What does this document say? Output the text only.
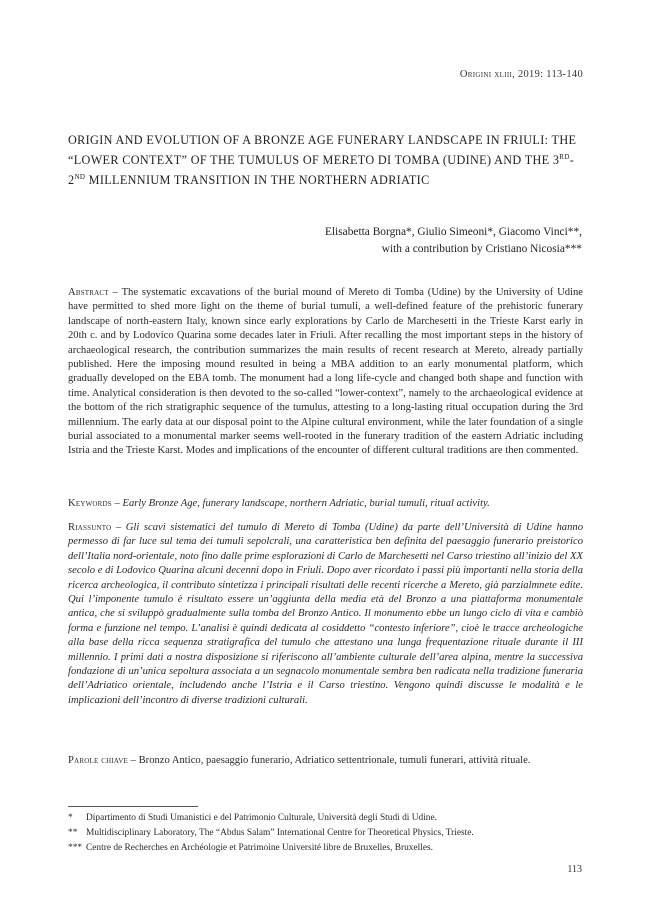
Origini xliii, 2019: 113-140
ORIGIN AND EVOLUTION OF A BRONZE AGE FUNERARY LANDSCAPE IN FRIULI: THE “LOWER CONTEXT” OF THE TUMULUS OF MERETO DI TOMBA (UDINE) AND THE 3RD-2ND MILLENNIUM TRANSITION IN THE NORTHERN ADRIATIC
Elisabetta Borgna*, Giulio Simeoni*, Giacomo Vinci**,
with a contribution by Cristiano Nicosia***

Abstract – The systematic excavations of the burial mound of Mereto di Tomba (Udine) by the University of Udine have permitted to shed more light on the theme of burial tumuli, a well-defined feature of the prehistoric funerary landscape of north-eastern Italy, known since early explorations by Carlo de Marchesetti in the Trieste Karst early in 20th c. and by Lodovico Quarina some decades later in Friuli. After recalling the most important steps in the history of archaeological research, the contribution summarizes the main results of recent research at Mereto, already partially published. Here the imposing mound resulted in being a MBA addition to an early monumental platform, which gradually developed on the EBA tomb. The monument had a long life-cycle and changed both shape and function with time. Analytical consideration is then devoted to the so-called “lower-context”, namely to the archaeological evidence at the bottom of the rich stratigraphic sequence of the tumulus, attesting to a long-lasting ritual occupation during the 3rd millennium. The early data at our disposal point to the Alpine cultural environment, while the later foundation of a single burial associated to a monumental marker seems well-rooted in the funerary tradition of the eastern Adriatic including Istria and the Trieste Karst. Modes and implications of the encounter of different cultural traditions are then commented.

Keywords – Early Bronze Age, funerary landscape, northern Adriatic, burial tumuli, ritual activity.

Riassunto – Gli scavi sistematici del tumulo di Mereto di Tomba (Udine) da parte dell’Università di Udine hanno permesso di far luce sul tema dei tumuli sepolcrali, una caratteristica ben definita del paesaggio funerario preistorico dell’Italia nord-orientale, noto fino dalle prime esplorazioni di Carlo de Marchesetti nel Carso triestino all’inizio del XX secolo e di Lodovico Quarina alcuni decenni dopo in Friuli. Dopo aver ricordato i passi più importanti nella storia della ricerca archeologica, il contributo sintetizza i principali risultati delle recenti ricerche a Mereto, già parzialmnete edite. Qui l’imponente tumulo è risultato essere un’aggiunta della media età del Bronzo a una piattaforma monumentale antica, che si sviluppò gradualmente sulla tomba del Bronzo Antico. Il monumento ebbe un lungo ciclo di vita e cambiò forma e funzione nel tempo. L’analisi è quindi dedicata al cosiddetto “contesto inferiore”, cioè le tracce archeologiche alla base della ricca sequenza stratigrafica del tumulo che attestano una lunga frequentazione rituale durante il III millennio. I primi dati a nostra disposizione si riferiscono all’ambiente culturale dell’area alpina, mentre la successiva fondazione di un’unica sepoltura associata a un segnacolo monumentale sembra ben radicata nella tradizione funeraria dell’Adriatico orientale, includendo anche l’Istria e il Carso triestino. Vengono quindi discusse le modalità e le implicazioni dell’incontro di diverse tradizioni culturali.

Parole chiave – Bronzo Antico, paesaggio funerario, Adriatico settentrionale, tumuli funerari, attività rituale.

* Dipartimento di Studi Umanistici e del Patrimonio Culturale, Università degli Studi di Udine.
** Multidisciplinary Laboratory, The “Abdus Salam” International Centre for Theoretical Physics, Trieste.
*** Centre de Recherches en Archéologie et Patrimoine Université libre de Bruxelles, Bruxelles.
113
